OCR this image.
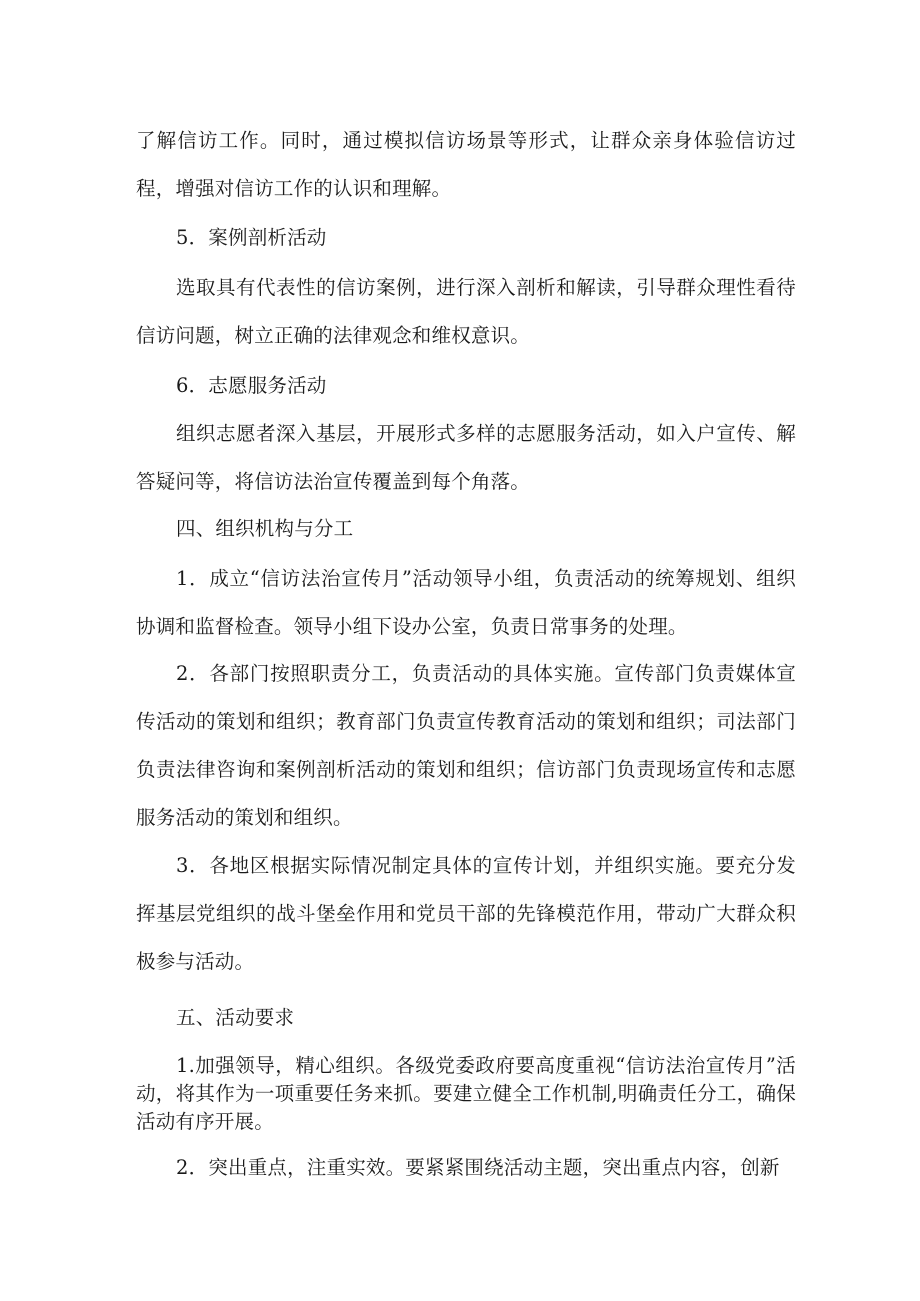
了解信访工作。同时，通过模拟信访场景等形式，让群众亲身体验信访过程，增强对信访工作的认识和理解。

5．案例剖析活动

选取具有代表性的信访案例，进行深入剖析和解读，引导群众理性看待信访问题，树立正确的法律观念和维权意识。

6．志愿服务活动

组织志愿者深入基层，开展形式多样的志愿服务活动，如入户宣传、解答疑问等，将信访法治宣传覆盖到每个角落。

四、组织机构与分工

1．成立“信访法治宣传月”活动领导小组，负责活动的统筹规划、组织协调和监督检查。领导小组下设办公室，负责日常事务的处理。

2．各部门按照职责分工，负责活动的具体实施。宣传部门负责媒体宣传活动的策划和组织；教育部门负责宣传教育活动的策划和组织；司法部门负责法律咨询和案例剖析活动的策划和组织；信访部门负责现场宣传和志愿服务活动的策划和组织。

3．各地区根据实际情况制定具体的宣传计划，并组织实施。要充分发挥基层党组织的战斗堡垒作用和党员干部的先锋模范作用，带动广大群众积极参与活动。

五、活动要求

1.加强领导，精心组织。各级党委政府要高度重视“信访法治宣传月”活动，将其作为一项重要任务来抓。要建立健全工作机制,明确责任分工，确保活动有序开展。

2．突出重点，注重实效。要紧紧围绕活动主题，突出重点内容，创新
